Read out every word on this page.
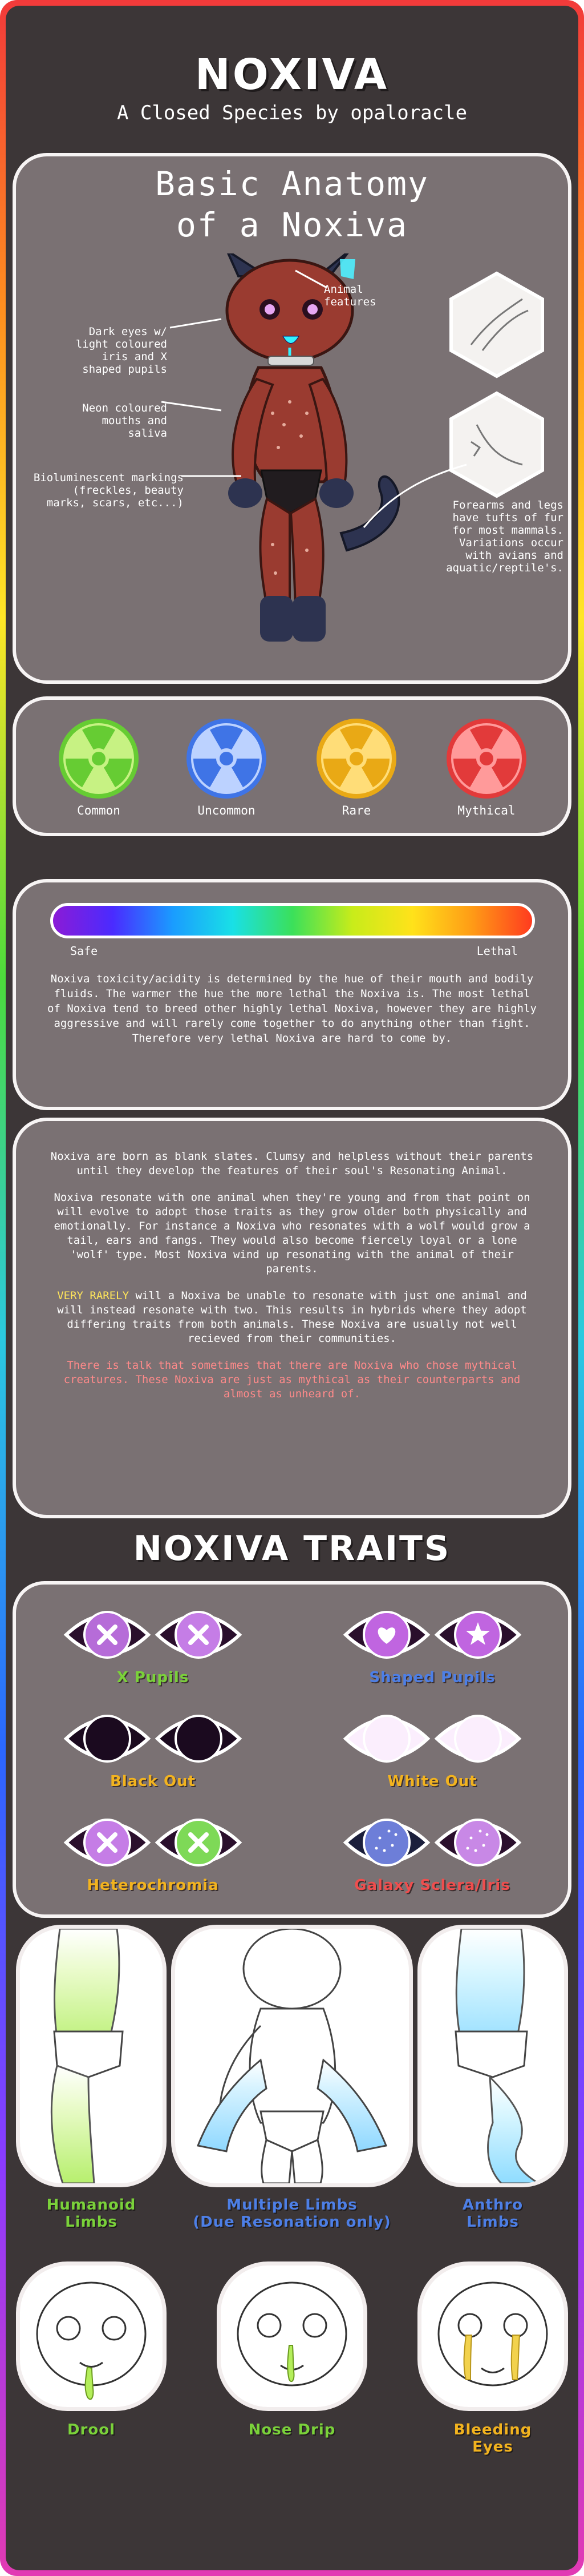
NOXIVA
A Closed Species by opaloracle
Basic Anatomy
of a Noxiva
Animal
features
Dark eyes w/
light coloured
iris and X
shaped pupils
Neon coloured
mouths and
saliva
Bioluminescent markings
(freckles, beauty
marks, scars, etc...)	Forearms and legs
have tufts of fur
for most mammals.
Variations occur
with avians and
aquatic/reptile's.
Common	Uncommon	Rare	Mythical
Safe	Lethal
Noxiva toxicity/acidity is determined by the hue of their mouth and bodily fluids. The warmer the hue the more lethal the Noxiva is. The most lethal of Noxiva tend to breed other highly lethal Noxiva, however they are highly aggressive and will rarely come together to do anything other than fight. Therefore very lethal Noxiva are hard to come by.

Noxiva are born as blank slates. Clumsy and helpless without their parents until they develop the features of their soul's Resonating Animal.

Noxiva resonate with one animal when they're young and from that point on will evolve to adopt those traits as they grow older both physically and emotionally. For instance a Noxiva who resonates with a wolf would grow a tail, ears and fangs. They would also become fiercely loyal or a lone 'wolf' type. Most Noxiva wind up resonating with the animal of their parents.

VERY RARELY will a Noxiva be unable to resonate with just one animal and will instead resonate with two. This results in hybrids where they adopt differing traits from both animals. These Noxiva are usually not well recieved from their communities.

There is talk that sometimes that there are Noxiva who chose mythical creatures. These Noxiva are just as mythical as their counterparts and almost as unheard of.

NOXIVA TRAITS
X Pupils	Shaped Pupils
Black Out	White Out
Heterochromia	Galaxy Sclera/Iris
Humanoid
Limbs
Multiple Limbs
(Due Resonation only)
Anthro
Limbs
Drool	Nose Drip	Bleeding
Eyes
